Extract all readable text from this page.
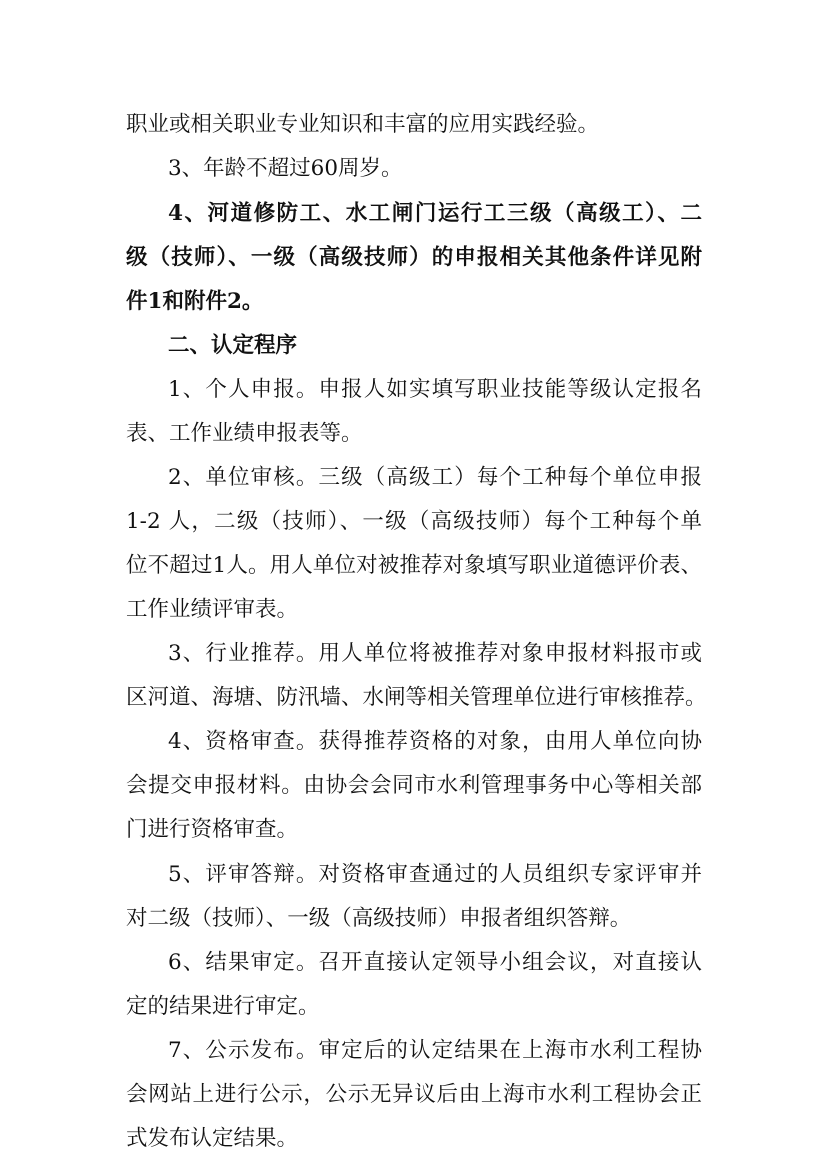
职业或相关职业专业知识和丰富的应用实践经验。
3、年龄不超过60周岁。
4、河道修防工、水工闸门运行工三级（高级工）、二
级（技师）、一级（高级技师）的申报相关其他条件详见附
件1和附件2。
二、认定程序
1、个人申报。申报人如实填写职业技能等级认定报名
表、工作业绩申报表等。
2、单位审核。三级（高级工）每个工种每个单位申报
1-2 人，二级（技师）、一级（高级技师）每个工种每个单
位不超过1人。用人单位对被推荐对象填写职业道德评价表、
工作业绩评审表。
3、行业推荐。用人单位将被推荐对象申报材料报市或
区河道、海塘、防汛墙、水闸等相关管理单位进行审核推荐。
4、资格审查。获得推荐资格的对象，由用人单位向协
会提交申报材料。由协会会同市水利管理事务中心等相关部
门进行资格审查。
5、评审答辩。对资格审查通过的人员组织专家评审并
对二级（技师）、一级（高级技师）申报者组织答辩。
6、结果审定。召开直接认定领导小组会议，对直接认
定的结果进行审定。
7、公示发布。审定后的认定结果在上海市水利工程协
会网站上进行公示，公示无异议后由上海市水利工程协会正
式发布认定结果。
